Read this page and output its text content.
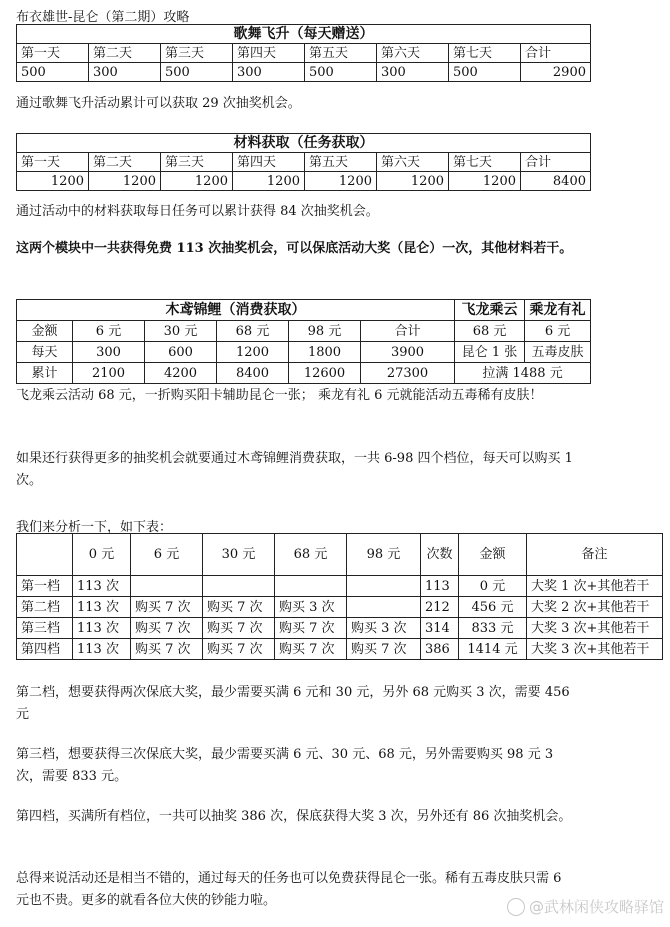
布衣雄世-昆仑（第二期）攻略
歌舞飞升（每天赠送）							
第一天	第二天	第三天	第四天	第五天	第六天	第七天	合计
500	300	500	300	500	300	500	2900
通过歌舞飞升活动累计可以获取 29 次抽奖机会。
材料获取（任务获取）							
第一天	第二天	第三天	第四天	第五天	第六天	第七天	合计
1200	1200	1200	1200	1200	1200	1200	8400
通过活动中的材料获取每日任务可以累计获得 84 次抽奖机会。
这两个模块中一共获得免费 113 次抽奖机会，可以保底活动大奖（昆仑）一次，其他材料若干。
木鸢锦鲤（消费获取）						飞龙乘云	乘龙有礼
金额	6 元	30 元	68 元	98 元	合计	68 元	6 元
每天	300	600	1200	1800	3900	昆仑 1 张	五毒皮肤
累计	2100	4200	8400	12600	27300	拉满 1488 元	
飞龙乘云活动 68 元，一折购买阳卡辅助昆仑一张； 乘龙有礼 6 元就能活动五毒稀有皮肤！
如果还行获得更多的抽奖机会就要通过木鸢锦鲤消费获取，一共 6-98 四个档位，每天可以购买 1 次。
我们来分析一下，如下表：
	0 元	6 元	30 元	68 元	98 元	次数	金额	备注
第一档	113 次					113	0 元	大奖 1 次+其他若干
第二档	113 次	购买 7 次	购买 7 次	购买 3 次		212	456 元	大奖 2 次+其他若干
第三档	113 次	购买 7 次	购买 7 次	购买 7 次	购买 3 次	314	833 元	大奖 3 次+其他若干
第四档	113 次	购买 7 次	购买 7 次	购买 7 次	购买 7 次	386	1414 元	大奖 3 次+其他若干
第二档，想要获得两次保底大奖，最少需要买满 6 元和 30 元，另外 68 元购买 3 次，需要 456 元
第三档，想要获得三次保底大奖，最少需要买满 6 元、30 元、68 元，另外需要购买 98 元 3 次，需要 833 元。
第四档，买满所有档位，一共可以抽奖 386 次，保底获得大奖 3 次，另外还有 86 次抽奖机会。
总得来说活动还是相当不错的，通过每天的任务也可以免费获得昆仑一张。稀有五毒皮肤只需 6 元也不贵。更多的就看各位大侠的钞能力啦。	@武林闲侠攻略驿馆
